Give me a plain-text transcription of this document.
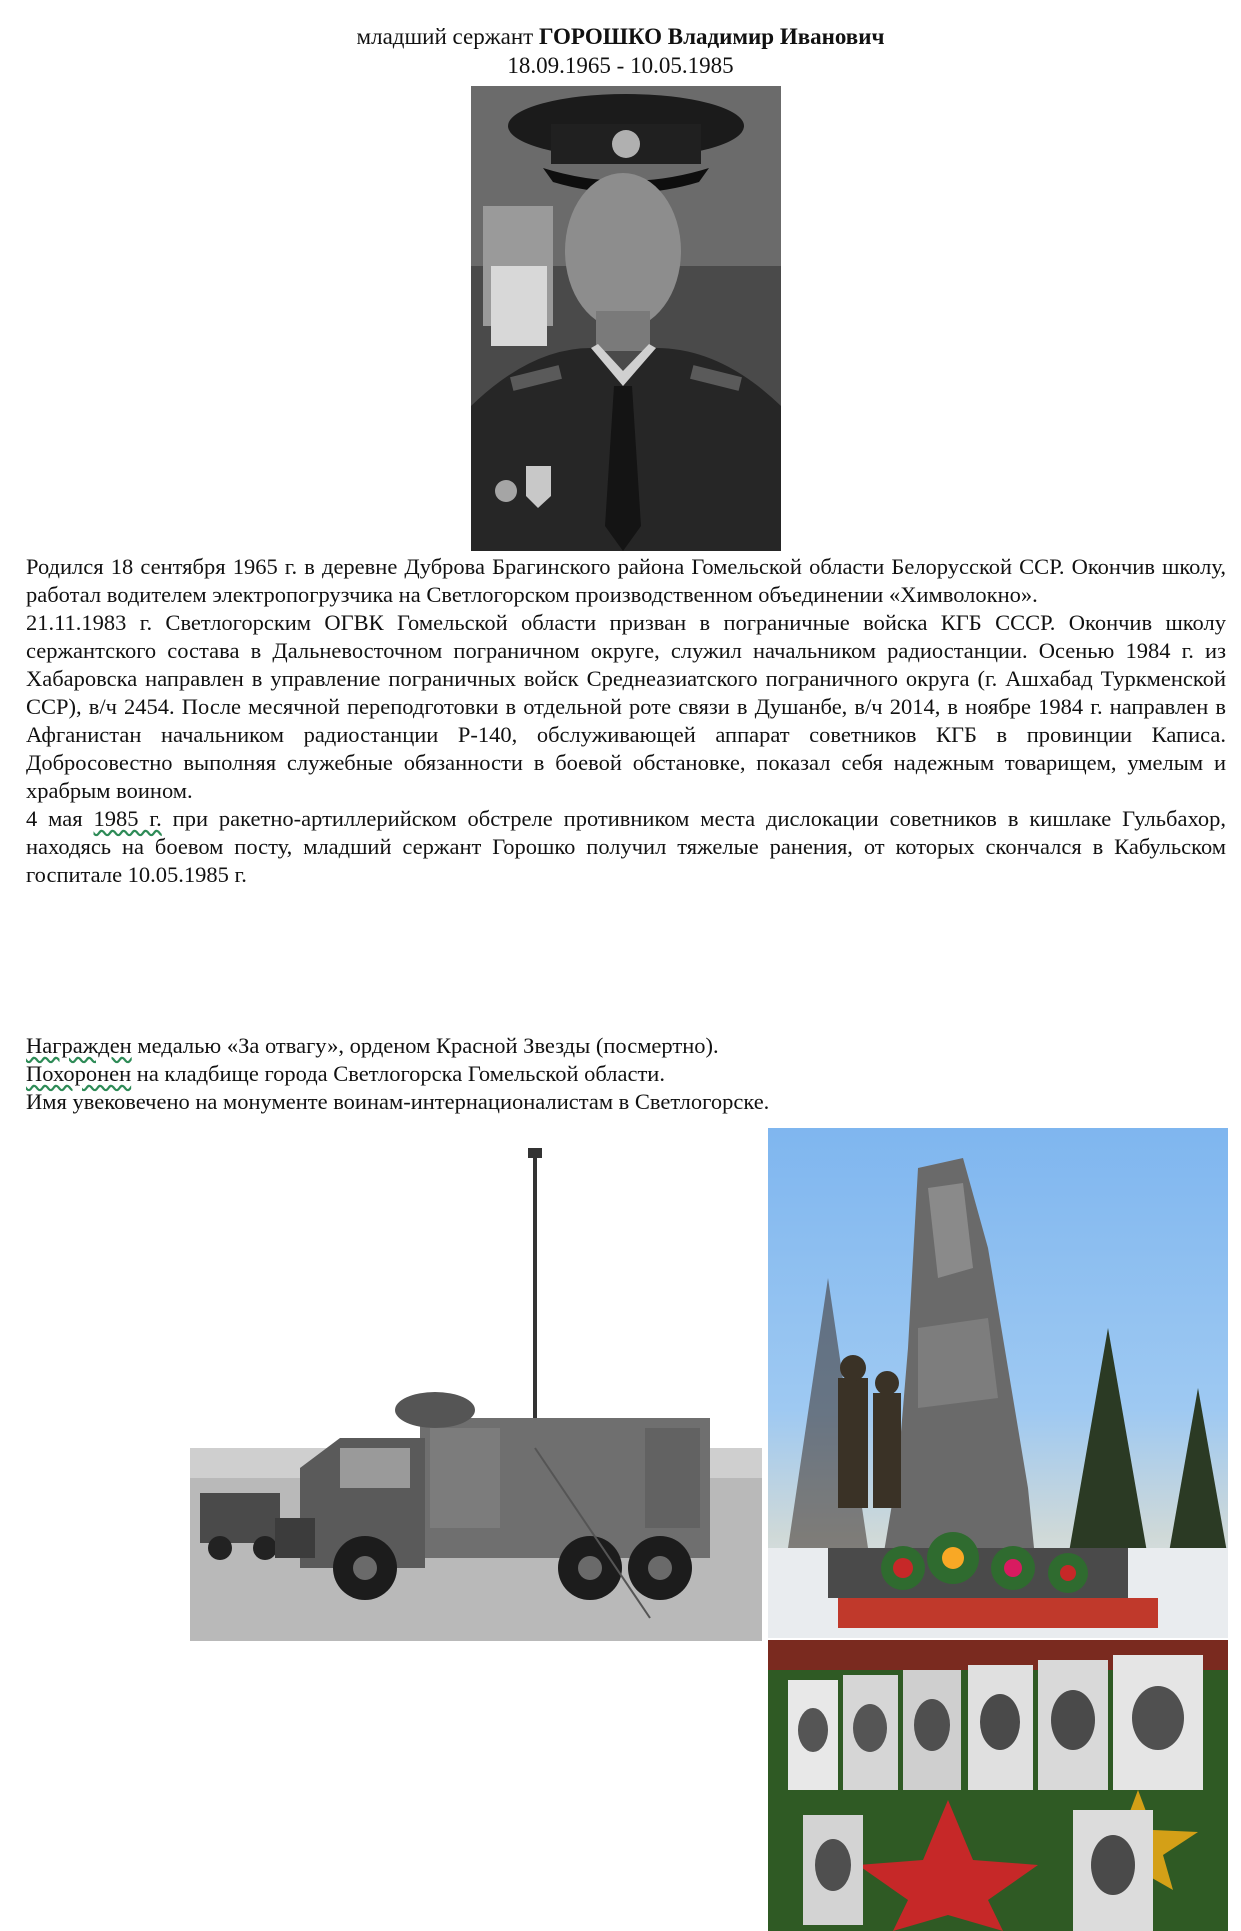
младший сержант ГОРОШКО Владимир Иванович
18.09.1965 - 10.05.1985

Родился 18 сентября 1965 г. в деревне Дуброва Брагинского района Гомельской области Белорусской ССР. Окончив школу, работал водителем электропогрузчика на Светлогорском производственном объединении «Химволокно».

21.11.1983 г. Светлогорским ОГВК Гомельской области призван в пограничные войска КГБ СССР. Окончив школу сержантского состава в Дальневосточном пограничном округе, служил начальником радиостанции. Осенью 1984 г. из Хабаровска направлен в управление пограничных войск Среднеазиатского пограничного округа (г. Ашхабад Туркменской ССР), в/ч 2454. После месячной переподготовки в отдельной роте связи в Душанбе, в/ч 2014, в ноябре 1984 г. направлен в Афганистан начальником радиостанции Р-140, обслуживающей аппарат советников КГБ в провинции Каписа. Добросовестно выполняя служебные обязанности в боевой обстановке, показал себя надежным товарищем, умелым и храбрым воином.

4 мая 1985 г. при ракетно-артиллерийском обстреле противником места дислокации советников в кишлаке Гульбахор, находясь на боевом посту, младший сержант Горошко получил тяжелые ранения, от которых скончался в Кабульском госпитале 10.05.1985 г.

Награжден медалью «За отвагу», орденом Красной Звезды (посмертно).

Похоронен на кладбище города Светлогорска Гомельской области.

Имя увековечено на монументе воинам-интернационалистам в Светлогорске.
